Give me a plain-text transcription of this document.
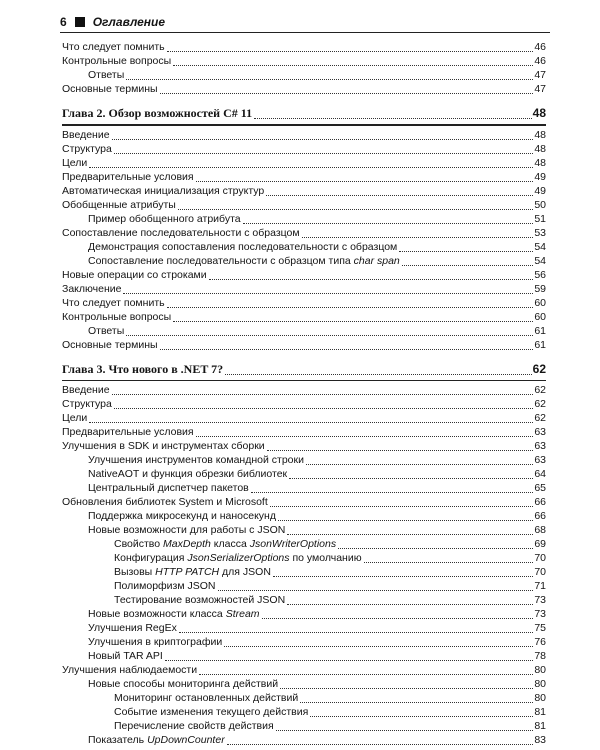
6 Оглавление
Что следует помнить	46
Контрольные вопросы	46
Ответы	47
Основные термины	47
Глава 2. Обзор возможностей C# 11	48
Введение	48
Структура	48
Цели	48
Предварительные условия	49
Автоматическая инициализация структур	49
Обобщенные атрибуты	50
Пример обобщенного атрибута	51
Сопоставление последовательности с образцом	53
Демонстрация сопоставления последовательности с образцом	54
Сопоставление последовательности с образцом типа char span	54
Новые операции со строками	56
Заключение	59
Что следует помнить	60
Контрольные вопросы	60
Ответы	61
Основные термины	61
Глава 3. Что нового в .NET 7?	62
Введение	62
Структура	62
Цели	62
Предварительные условия	63
Улучшения в SDK и инструментах сборки	63
Улучшения инструментов командной строки	63
NativeAOT и функция обрезки библиотек	64
Центральный диспетчер пакетов	65
Обновления библиотек System и Microsoft	66
Поддержка микросекунд и наносекунд	66
Новые возможности для работы с JSON	68
Свойство MaxDepth класса JsonWriterOptions	69
Конфигурация JsonSerializerOptions по умолчанию	70
Вызовы HTTP PATCH для JSON	70
Полиморфизм JSON	71
Тестирование возможностей JSON	73
Новые возможности класса Stream	73
Улучшения RegEx	75
Улучшения в криптографии	76
Новый TAR API	78
Улучшения наблюдаемости	80
Новые способы мониторинга действий	80
Мониторинг остановленных действий	80
Событие изменения текущего действия	81
Перечисление свойств действия	81
Показатель UpDownCounter	83
